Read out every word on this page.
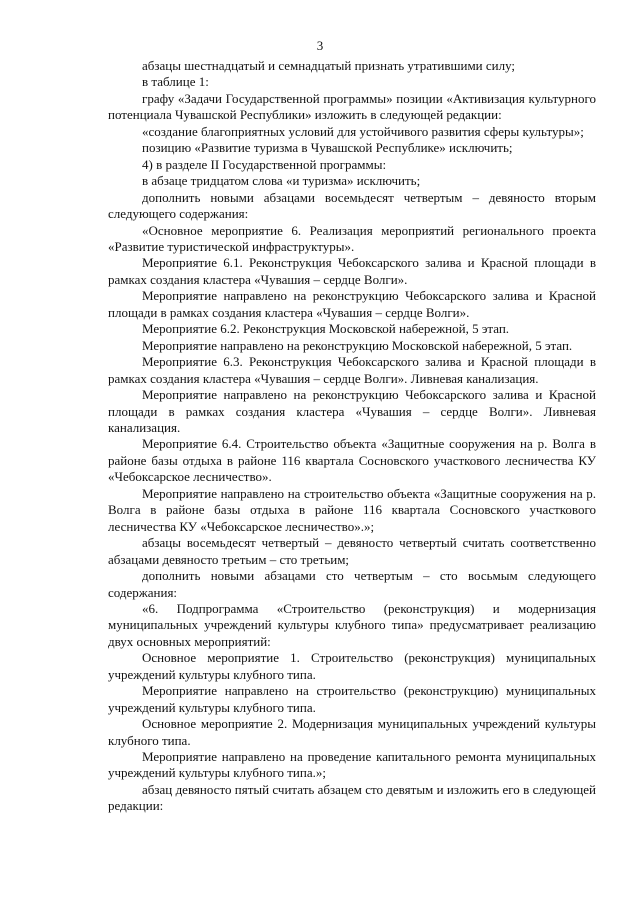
3

абзацы шестнадцатый и семнадцатый признать утратившими силу;

в таблице 1:

графу «Задачи Государственной программы» позиции «Активизация культурного потенциала Чувашской Республики» изложить в следующей редакции:

«создание благоприятных условий для устойчивого развития сферы культуры»;

позицию «Развитие туризма в Чувашской Республике» исключить;

4) в разделе II Государственной программы:

в абзаце тридцатом слова «и туризма» исключить;

дополнить новыми абзацами восемьдесят четвертым – девяносто вторым следующего содержания:

«Основное мероприятие 6. Реализация мероприятий регионального проекта «Развитие туристической инфраструктуры».

Мероприятие 6.1. Реконструкция Чебоксарского залива и Красной площади в рамках создания кластера «Чувашия – сердце Волги».

Мероприятие направлено на реконструкцию Чебоксарского залива и Красной площади в рамках создания кластера «Чувашия – сердце Волги».

Мероприятие 6.2. Реконструкция Московской набережной, 5 этап.

Мероприятие направлено на реконструкцию Московской набережной, 5 этап.

Мероприятие 6.3. Реконструкция Чебоксарского залива и Красной площади в рамках создания кластера «Чувашия – сердце Волги». Ливневая канализация.

Мероприятие направлено на реконструкцию Чебоксарского залива и Красной площади в рамках создания кластера «Чувашия – сердце Волги». Ливневая канализация.

Мероприятие 6.4. Строительство объекта «Защитные сооружения на р. Волга в районе базы отдыха в районе 116 квартала Сосновского участкового лесничества КУ «Чебоксарское лесничество».

Мероприятие направлено на строительство объекта «Защитные сооружения на р. Волга в районе базы отдыха в районе 116 квартала Сосновского участкового лесничества КУ «Чебоксарское лесничество».»;

абзацы восемьдесят четвертый – девяносто четвертый считать соответственно абзацами девяносто третьим – сто третьим;

дополнить новыми абзацами сто четвертым – сто восьмым следующего содержания:

«6. Подпрограмма «Строительство (реконструкция) и модернизация муниципальных учреждений культуры клубного типа» предусматривает реализацию двух основных мероприятий:

Основное мероприятие 1. Строительство (реконструкция) муниципальных учреждений культуры клубного типа.

Мероприятие направлено на строительство (реконструкцию) муниципальных учреждений культуры клубного типа.

Основное мероприятие 2. Модернизация муниципальных учреждений культуры клубного типа.

Мероприятие направлено на проведение капитального ремонта муниципальных учреждений культуры клубного типа.»;

абзац девяносто пятый считать абзацем сто девятым и изложить его в следующей редакции:
